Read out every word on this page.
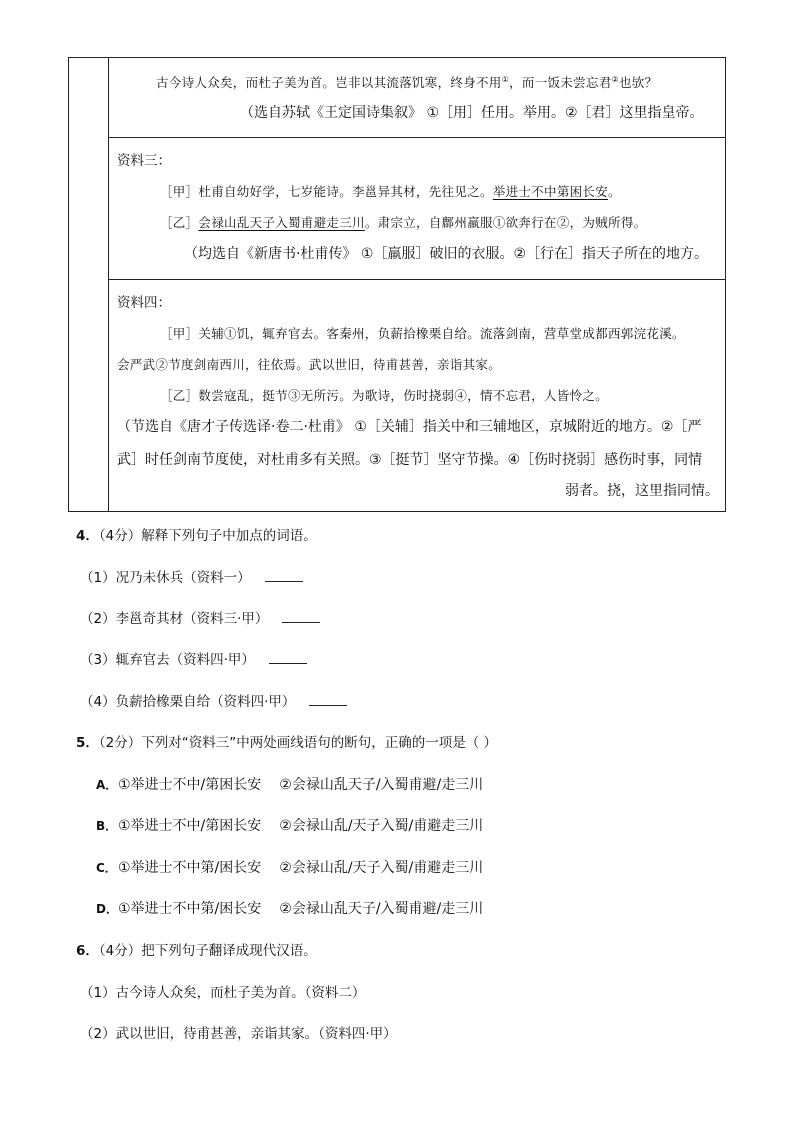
古今诗人众矣，而杜子美为首。岂非以其流落饥寒，终身不用①，而一饭未尝忘君②也欤？
（选自苏轼《王定国诗集叙》 ①［用］任用。举用。②［君］这里指皇帝。
资料三：
［甲］杜甫自幼好学，七岁能诗。李邕异其材，先往见之。举进士不中第困长安。
［乙］会禄山乱天子入蜀甫避走三川。肃宗立，自鄜州羸服①欲奔行在②，为贼所得。
（均选自《新唐书·杜甫传》 ①［羸服］破旧的衣服。②［行在］指天子所在的地方。
资料四：
［甲］关辅①饥，辄弃官去。客秦州，负薪拾橡栗自给。流落剑南，营草堂成都西郭浣花溪。
会严武②节度剑南西川，往依焉。武以世旧，待甫甚善，亲诣其家。
［乙］数尝寇乱，挺节③无所污。为歌诗，伤时挠弱④，情不忘君，人皆怜之。
（节选自《唐才子传选译·卷二·杜甫》 ①［关辅］指关中和三辅地区，京城附近的地方。②［严
武］时任剑南节度使，对杜甫多有关照。③［挺节］坚守节操。④［伤时挠弱］感伤时事，同情
弱者。挠，这里指同情。
4．（4分）解释下列句子中加点的词语。
（1）况乃未休兵（资料一）
（2）李邕奇其材（资料三·甲）
（3）辄弃官去（资料四·甲）
（4）负薪拾橡栗自给（资料四·甲）
5．（2分）下列对“资料三”中两处画线语句的断句，正确的一项是（ ）
A．①举进士不中/第困长安 ②会禄山乱天子/入蜀甫避/走三川
B．①举进士不中/第困长安 ②会禄山乱/天子入蜀/甫避走三川
C．①举进士不中第/困长安 ②会禄山乱/天子入蜀/甫避走三川
D．①举进士不中第/困长安 ②会禄山乱天子/入蜀甫避/走三川
6．（4分）把下列句子翻译成现代汉语。
（1）古今诗人众矣，而杜子美为首。（资料二）
（2）武以世旧，待甫甚善，亲诣其家。（资料四·甲）
